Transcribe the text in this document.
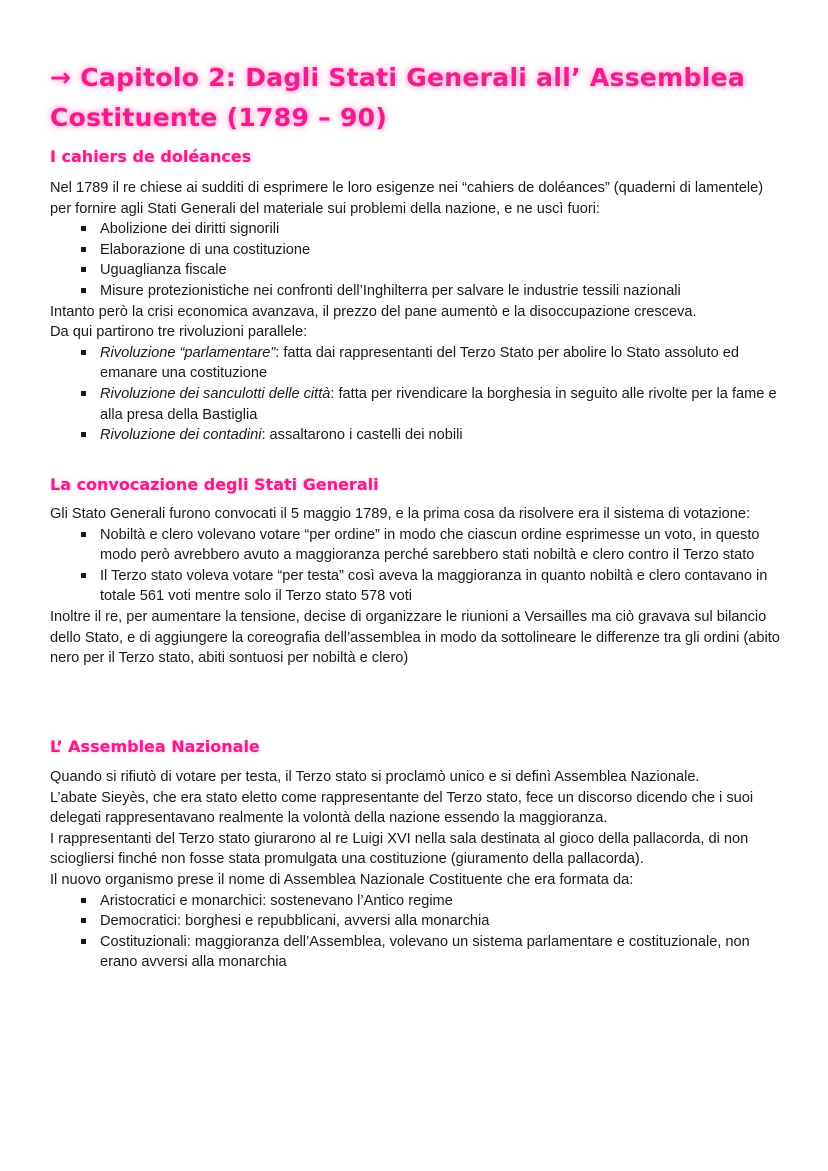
→ Capitolo 2: Dagli Stati Generali all’ Assemblea Costituente (1789 – 90)
I cahiers de doléances

Nel 1789 il re chiese ai sudditi di esprimere le loro esigenze nei “cahiers de doléances” (quaderni di lamentele) per fornire agli Stati Generali del materiale sui problemi della nazione, e ne uscì fuori:

Abolizione dei diritti signorili
Elaborazione di una costituzione
Uguaglianza fiscale
Misure protezionistiche nei confronti dell’Inghilterra per salvare le industrie tessili nazionali

Intanto però la crisi economica avanzava, il prezzo del pane aumentò e la disoccupazione cresceva.

Da qui partirono tre rivoluzioni parallele:

Rivoluzione “parlamentare”: fatta dai rappresentanti del Terzo Stato per abolire lo Stato assoluto ed emanare una costituzione
Rivoluzione dei sanculotti delle città: fatta per rivendicare la borghesia in seguito alle rivolte per la fame e alla presa della Bastiglia
Rivoluzione dei contadini: assaltarono i castelli dei nobili
La convocazione degli Stati Generali

Gli Stato Generali furono convocati il 5 maggio 1789, e la prima cosa da risolvere era il sistema di votazione:

Nobiltà e clero volevano votare “per ordine” in modo che ciascun ordine esprimesse un voto, in questo modo però avrebbero avuto a maggioranza perché sarebbero stati nobiltà e clero contro il Terzo stato
Il Terzo stato voleva votare “per testa” così aveva la maggioranza in quanto nobiltà e clero contavano in totale 561 voti mentre solo il Terzo stato 578 voti

Inoltre il re, per aumentare la tensione, decise di organizzare le riunioni a Versailles ma ciò gravava sul bilancio dello Stato, e di aggiungere la coreografia dell’assemblea in modo da sottolineare le differenze tra gli ordini (abito nero per il Terzo stato, abiti sontuosi per nobiltà e clero)

L’ Assemblea Nazionale

Quando si rifiutò di votare per testa, il Terzo stato si proclamò unico e si definì Assemblea Nazionale.

L’abate Sieyès, che era stato eletto come rappresentante del Terzo stato, fece un discorso dicendo che i suoi delegati rappresentavano realmente la volontà della nazione essendo la maggioranza.

I rappresentanti del Terzo stato giurarono al re Luigi XVI nella sala destinata al gioco della pallacorda, di non sciogliersi finché non fosse stata promulgata una costituzione (giuramento della pallacorda).

Il nuovo organismo prese il nome di Assemblea Nazionale Costituente che era formata da:

Aristocratici e monarchici: sostenevano l’Antico regime
Democratici: borghesi e repubblicani, avversi alla monarchia
Costituzionali: maggioranza dell’Assemblea, volevano un sistema parlamentare e costituzionale, non erano avversi alla monarchia
